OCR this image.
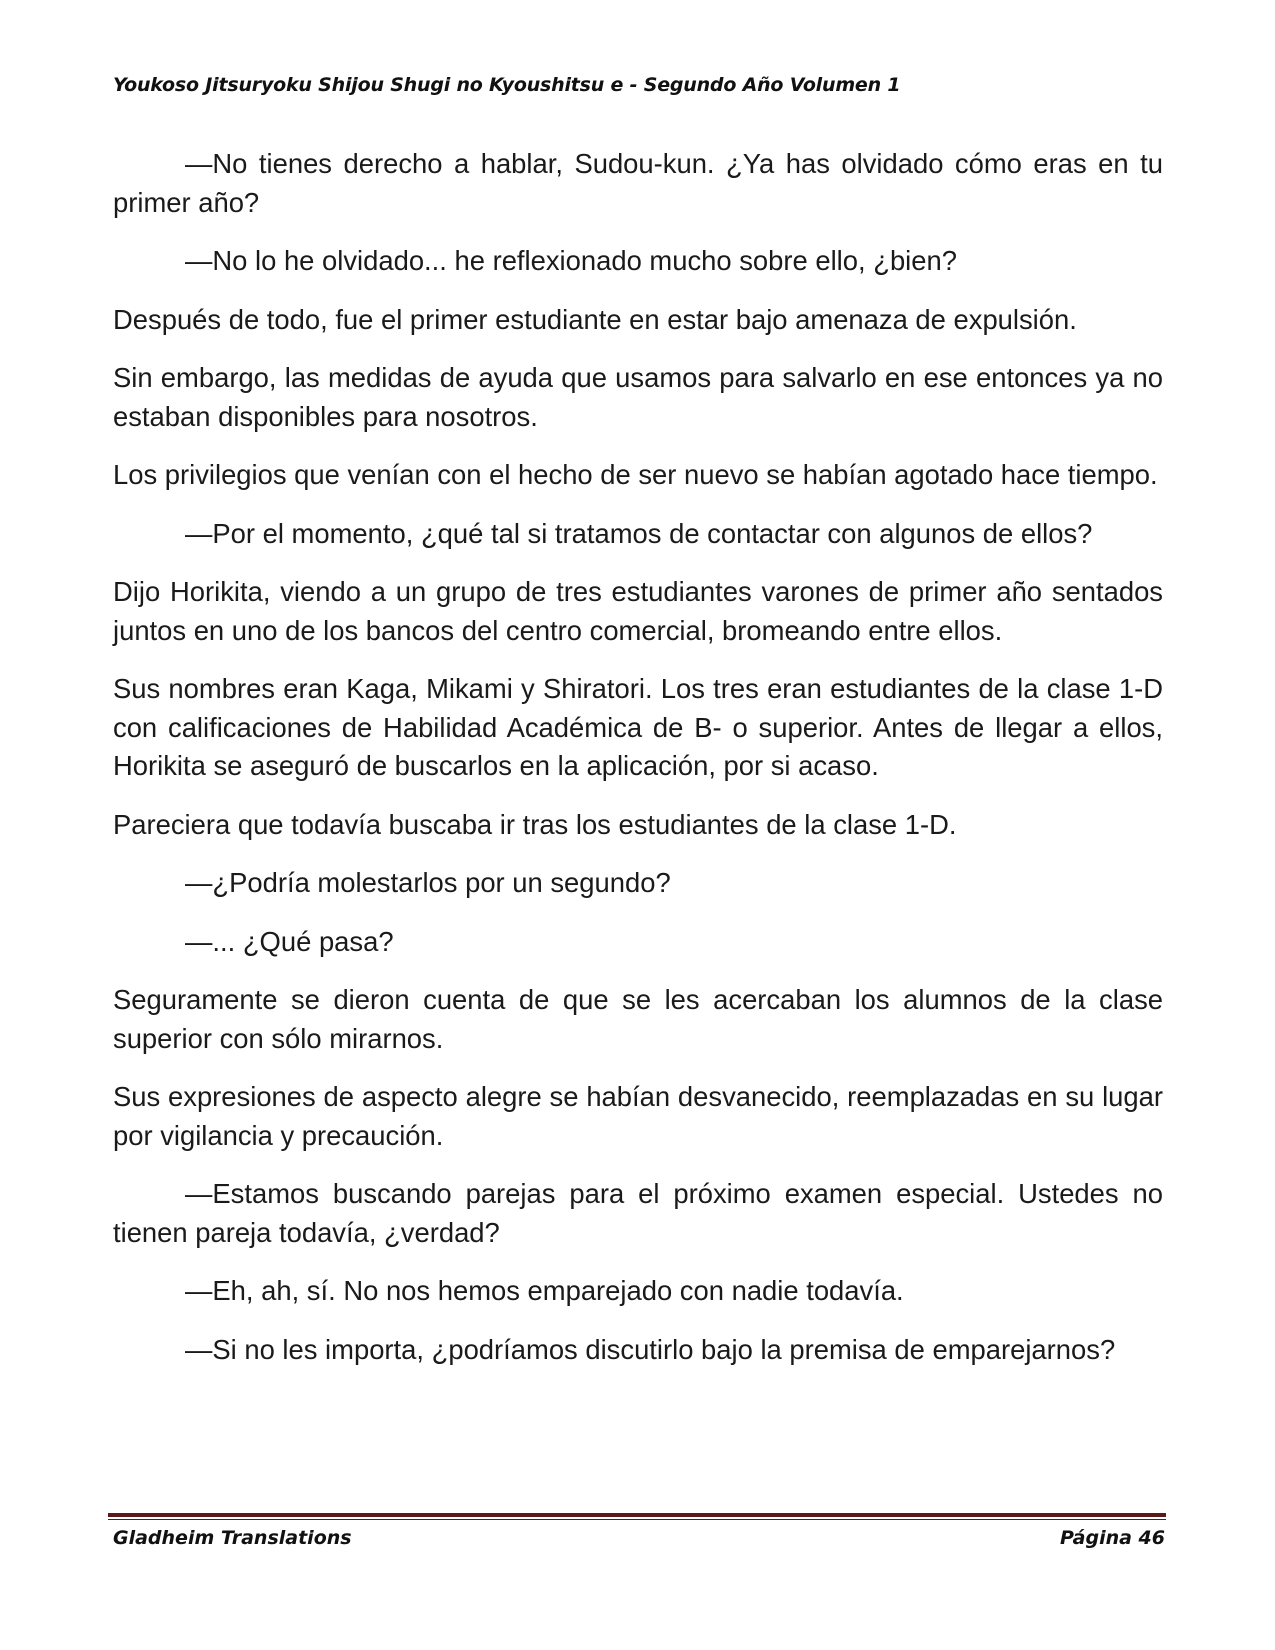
Youkoso Jitsuryoku Shijou Shugi no Kyoushitsu e - Segundo Año Volumen 1

—No tienes derecho a hablar, Sudou-kun. ¿Ya has olvidado cómo eras en tu primer año?

—No lo he olvidado... he reflexionado mucho sobre ello, ¿bien?

Después de todo, fue el primer estudiante en estar bajo amenaza de expulsión.

Sin embargo, las medidas de ayuda que usamos para salvarlo en ese entonces ya no estaban disponibles para nosotros.

Los privilegios que venían con el hecho de ser nuevo se habían agotado hace tiempo.

—Por el momento, ¿qué tal si tratamos de contactar con algunos de ellos?

Dijo Horikita, viendo a un grupo de tres estudiantes varones de primer año sentados juntos en uno de los bancos del centro comercial, bromeando entre ellos.

Sus nombres eran Kaga, Mikami y Shiratori. Los tres eran estudiantes de la clase 1-D con calificaciones de Habilidad Académica de B- o superior. Antes de llegar a ellos, Horikita se aseguró de buscarlos en la aplicación, por si acaso.

Pareciera que todavía buscaba ir tras los estudiantes de la clase 1-D.

—¿Podría molestarlos por un segundo?

—... ¿Qué pasa?

Seguramente se dieron cuenta de que se les acercaban los alumnos de la clase superior con sólo mirarnos.

Sus expresiones de aspecto alegre se habían desvanecido, reemplazadas en su lugar por vigilancia y precaución.

—Estamos buscando parejas para el próximo examen especial. Ustedes no tienen pareja todavía, ¿verdad?

—Eh, ah, sí. No nos hemos emparejado con nadie todavía.

—Si no les importa, ¿podríamos discutirlo bajo la premisa de emparejarnos?

Gladheim Translations	Página 46
